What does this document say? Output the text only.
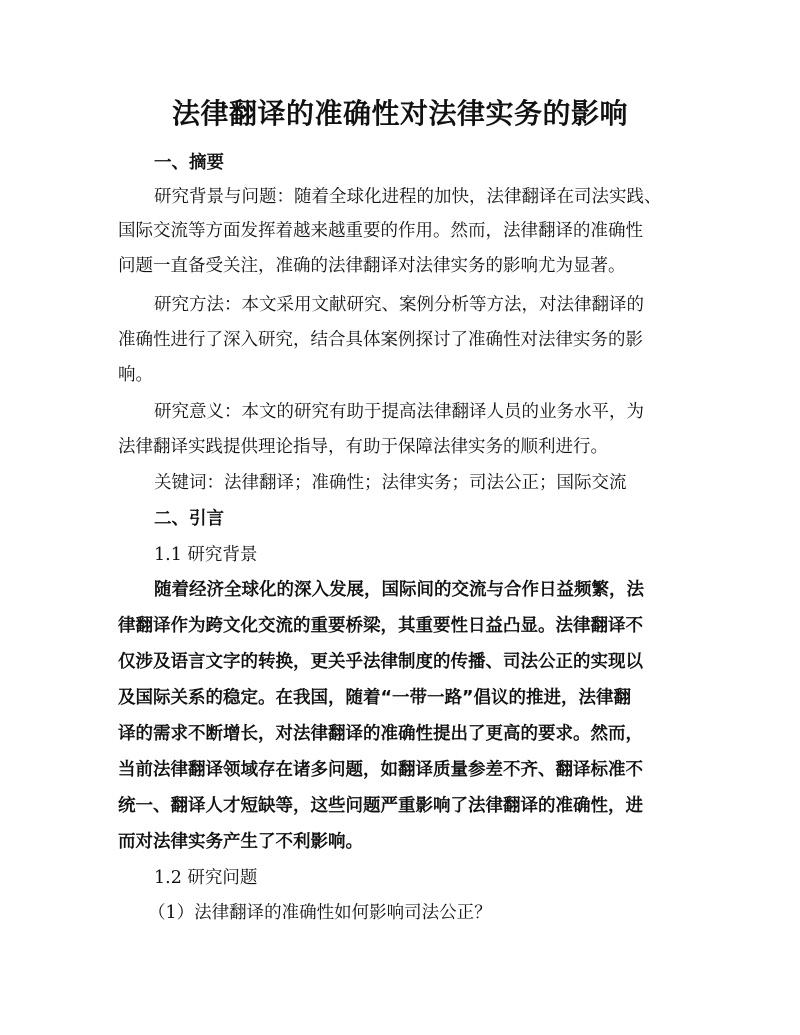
法律翻译的准确性对法律实务的影响
一、摘要
研究背景与问题：随着全球化进程的加快，法律翻译在司法实践、
国际交流等方面发挥着越来越重要的作用。然而，法律翻译的准确性
问题一直备受关注，准确的法律翻译对法律实务的影响尤为显著。
研究方法：本文采用文献研究、案例分析等方法，对法律翻译的
准确性进行了深入研究，结合具体案例探讨了准确性对法律实务的影
响。
研究意义：本文的研究有助于提高法律翻译人员的业务水平，为
法律翻译实践提供理论指导，有助于保障法律实务的顺利进行。
关键词：法律翻译；准确性；法律实务；司法公正；国际交流
二、引言
1.1 研究背景
随着经济全球化的深入发展，国际间的交流与合作日益频繁，法
律翻译作为跨文化交流的重要桥梁，其重要性日益凸显。法律翻译不
仅涉及语言文字的转换，更关乎法律制度的传播、司法公正的实现以
及国际关系的稳定。在我国，随着“一带一路”倡议的推进，法律翻
译的需求不断增长，对法律翻译的准确性提出了更高的要求。然而，
当前法律翻译领域存在诸多问题，如翻译质量参差不齐、翻译标准不
统一、翻译人才短缺等，这些问题严重影响了法律翻译的准确性，进
而对法律实务产生了不利影响。
1.2 研究问题
（1）法律翻译的准确性如何影响司法公正？
